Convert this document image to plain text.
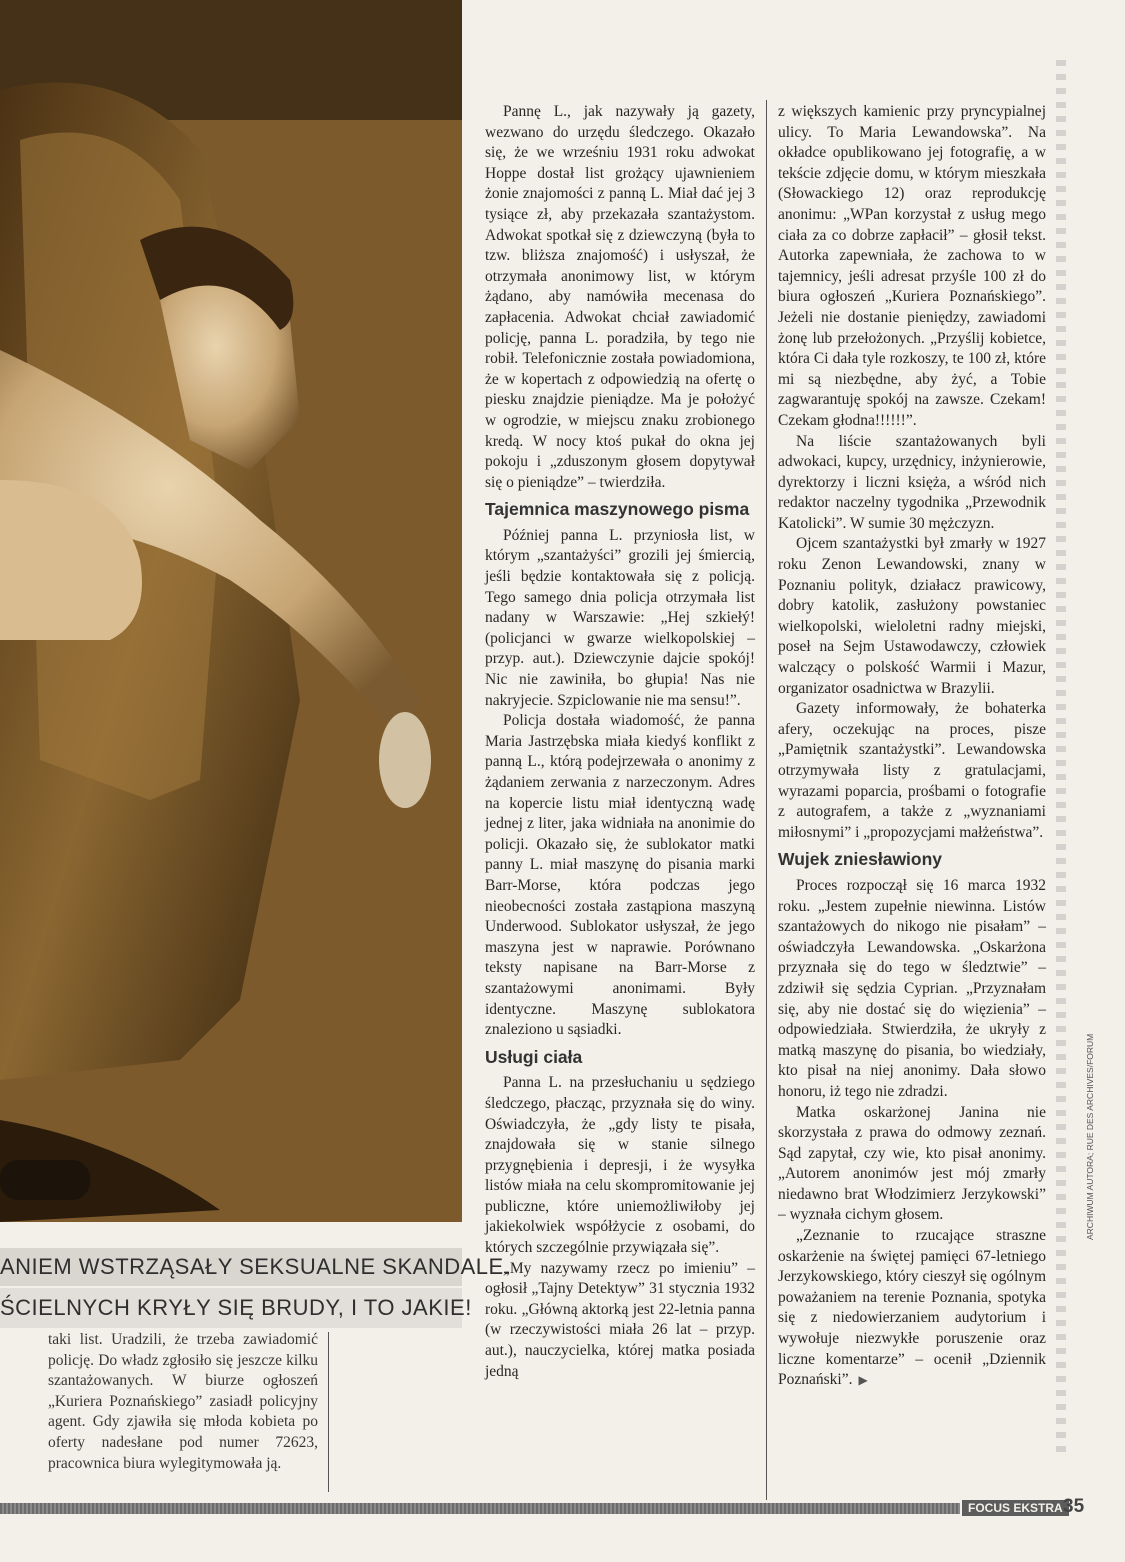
ANIEM WSTRZĄSAŁY SEKSUALNE SKANDALE.
ŚCIELNYCH KRYŁY SIĘ BRUDY, I TO JAKIE!

taki list. Uradzili, że trzeba zawiadomić policję. Do władz zgłosiło się jeszcze kilku szantażowanych. W biurze ogłoszeń „Kuriera Poznańskiego” zasiadł policyjny agent. Gdy zjawiła się młoda kobieta po oferty nadesłane pod numer 72623, pracownica biura wylegitymowała ją.

Pannę L., jak nazywały ją gazety, wezwano do urzędu śledczego. Okazało się, że we wrześniu 1931 roku adwokat Hoppe dostał list grożący ujawnieniem żonie znajomości z panną L. Miał dać jej 3 tysiące zł, aby przekazała szantażystom. Adwokat spotkał się z dziewczyną (była to tzw. bliższa znajomość) i usłyszał, że otrzymała anonimowy list, w którym żądano, aby namówiła mecenasa do zapłacenia. Adwokat chciał zawiadomić policję, panna L. poradziła, by tego nie robił. Telefonicznie została powiadomiona, że w kopertach z odpowiedzią na ofertę o piesku znajdzie pieniądze. Ma je położyć w ogrodzie, w miejscu znaku zrobionego kredą. W nocy ktoś pukał do okna jej pokoju i „zduszonym głosem dopytywał się o pieniądze” – twierdziła.

Tajemnica maszynowego pisma

Później panna L. przyniosła list, w którym „szantażyści” grozili jej śmiercią, jeśli będzie kontaktowała się z policją. Tego samego dnia policja otrzymała list nadany w Warszawie: „Hej szkiełý! (policjanci w gwarze wielkopolskiej – przyp. aut.). Dziewczynie dajcie spokój! Nic nie zawiniła, bo głupia! Nas nie nakryjecie. Szpiclowanie nie ma sensu!”.

Policja dostała wiadomość, że panna Maria Jastrzębska miała kiedyś konflikt z panną L., którą podejrzewała o anonimy z żądaniem zerwania z narzeczonym. Adres na kopercie listu miał identyczną wadę jednej z liter, jaka widniała na anonimie do policji. Okazało się, że sublokator matki panny L. miał maszynę do pisania marki Barr-Morse, która podczas jego nieobecności została zastąpiona maszyną Underwood. Sublokator usłyszał, że jego maszyna jest w naprawie. Porównano teksty napisane na Barr-Morse z szantażowymi anonimami. Były identyczne. Maszynę sublokatora znaleziono u sąsiadki.

Usługi ciała

Panna L. na przesłuchaniu u sędziego śledczego, płacząc, przyznała się do winy. Oświadczyła, że „gdy listy te pisała, znajdowała się w stanie silnego przygnębienia i depresji, i że wysyłka listów miała na celu skompromitowanie jej publiczne, które uniemożliwiłoby jej jakiekolwiek współżycie z osobami, do których szczególnie przywiązała się”.

„My nazywamy rzecz po imieniu” – ogłosił „Tajny Detektyw” 31 stycznia 1932 roku. „Główną aktorką jest 22-letnia panna (w rzeczywistości miała 26 lat – przyp. aut.), nauczycielka, której matka posiada jedną

z większych kamienic przy pryncypialnej ulicy. To Maria Lewandowska”. Na okładce opublikowano jej fotografię, a w tekście zdjęcie domu, w którym mieszkała (Słowackiego 12) oraz reprodukcję anonimu: „WPan korzystał z usług mego ciała za co dobrze zapłacił” – głosił tekst. Autorka zapewniała, że zachowa to w tajemnicy, jeśli adresat przyśle 100 zł do biura ogłoszeń „Kuriera Poznańskiego”. Jeżeli nie dostanie pieniędzy, zawiadomi żonę lub przełożonych. „Przyślij kobietce, która Ci dała tyle rozkoszy, te 100 zł, które mi są niezbędne, aby żyć, a Tobie zagwarantuję spokój na zawsze. Czekam! Czekam głodna!!!!!!”.

Na liście szantażowanych byli adwokaci, kupcy, urzędnicy, inżynierowie, dyrektorzy i liczni księża, a wśród nich redaktor naczelny tygodnika „Przewodnik Katolicki”. W sumie 30 mężczyzn.

Ojcem szantażystki był zmarły w 1927 roku Zenon Lewandowski, znany w Poznaniu polityk, działacz prawicowy, dobry katolik, zasłużony powstaniec wielkopolski, wieloletni radny miejski, poseł na Sejm Ustawodawczy, człowiek walczący o polskość Warmii i Mazur, organizator osadnictwa w Brazylii.

Gazety informowały, że bohaterka afery, oczekując na proces, pisze „Pamiętnik szantażystki”. Lewandowska otrzymywała listy z gratulacjami, wyrazami poparcia, prośbami o fotografie z autografem, a także z „wyznaniami miłosnymi” i „propozycjami małżeństwa”.

Wujek zniesławiony

Proces rozpoczął się 16 marca 1932 roku. „Jestem zupełnie niewinna. Listów szantażowych do nikogo nie pisałam” – oświadczyła Lewandowska. „Oskarżona przyznała się do tego w śledztwie” – zdziwił się sędzia Cyprian. „Przyznałam się, aby nie dostać się do więzienia” – odpowiedziała. Stwierdziła, że ukryły z matką maszynę do pisania, bo wiedziały, kto pisał na niej anonimy. Dała słowo honoru, iż tego nie zdradzi.

Matka oskarżonej Janina nie skorzystała z prawa do odmowy zeznań. Sąd zapytał, czy wie, kto pisał anonimy. „Autorem anonimów jest mój zmarły niedawno brat Włodzimierz Jerzykowski” – wyznała cichym głosem.

„Zeznanie to rzucające straszne oskarżenie na świętej pamięci 67-letniego Jerzykowskiego, który cieszył się ogólnym poważaniem na terenie Poznania, spotyka się z niedowierzaniem audytorium i wywołuje niezwykłe poruszenie oraz liczne komentarze” – ocenił „Dziennik Poznański”. ▶

ARCHIWUM AUTORA; RUE DES ARCHIVES/FORUM
FOCUS EKSTRA 35
